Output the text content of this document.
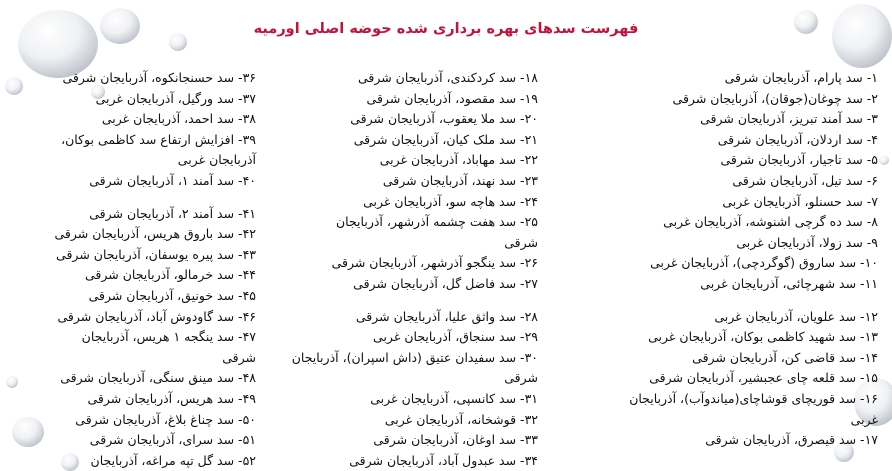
فهرست سدهای بهره برداری شده حوضه اصلی اورمیه
۱- سد پارام، آذربایجان شرقی
۲- سد چوغان(جوقان)، آذربایجان شرقی
۳- سد آمند تبریز، آذربایجان شرقی
۴- سد اردلان، آذربایجان شرقی
۵- سد تاجیار، آذربایجان شرقی
۶- سد تیل، آذربایجان شرقی
۷- سد حسنلو، آذربایجان غربی
۸- سد ده گرچی اشنوشه، آذربایجان غربی
۹- سد زولا، آذربایجان غربی
۱۰- سد ساروق (گوگردچی)، آذربایجان غربی
۱۱- سد شهرچائی، آذربایجان غربی
۱۲- سد علویان، آذربایجان غربی
۱۳- سد شهید کاظمی بوکان، آذربایجان غربی
۱۴- سد قاضی کن، آذربایجان شرقی
۱۵- سد قلعه چای عجبشیر، آذربایجان شرقی
۱۶- سد قوریچای قوشاچای(میاندوآب)، آذربایجان
غربی
۱۷- سد قیصرق، آذربایجان شرقی
۱۸- سد کردکندی، آذربایجان شرقی
۱۹- سد مقصود، آذربایجان شرقی
۲۰- سد ملا یعقوب، آذربایجان شرقی
۲۱- سد ملک کیان، آذربایجان شرقی
۲۲- سد مهاباد، آذربایجان غربی
۲۳- سد نهند، آذربایجان شرقی
۲۴- سد هاچه سو، آذربایجان غربی
۲۵- سد هفت چشمه آذرشهر، آذربایجان
شرقی
۲۶- سد ینگجو آذرشهر، آذربایجان شرقی
۲۷- سد فاضل گل، آذربایجان شرقی
۲۸- سد واثق علیا، آذربایجان شرقی
۲۹- سد سنجاق، آذربایجان غربی
۳۰- سد سفیدان عتیق (داش اسپران)، آذربایجان
شرقی
۳۱- سد کانسپی، آذربایجان غربی
۳۲- قوشخانه، آذربایجان غربی
۳۳- سد اوغان، آذربایجان شرقی
۳۴- سد عبدول آباد، آذربایجان شرقی
۳۶- سد حسنجانکوه، آذربایجان شرقی
۳۷- سد ورگیل، آذربایجان غربی
۳۸- سد احمد، آذربایجان غربی
۳۹- افزایش ارتفاع سد کاظمی بوکان،
آذربایجان غربی
۴۰- سد آمند ۱، آذربایجان شرقی
۴۱- سد آمند ۲، آذربایجان شرقی
۴۲- سد باروق هریس، آذربایجان شرقی
۴۳- سد پیره یوسفان، آذربایجان شرقی
۴۴- سد خرمالو، آذربایجان شرقی
۴۵- سد خونیق، آذربایجان شرقی
۴۶- سد گاودوش آباد، آذربایجان شرقی
۴۷- سد ینگجه ۱ هریس، آذربایجان
شرقی
۴۸- سد مینق سنگی، آذربایجان شرقی
۴۹- سد هریس، آذربایجان شرقی
۵۰- سد چناغ بلاغ، آذربایجان شرقی
۵۱- سد سرای، آذربایجان شرقی
۵۲- سد گل تپه مراغه، آذربایجان
